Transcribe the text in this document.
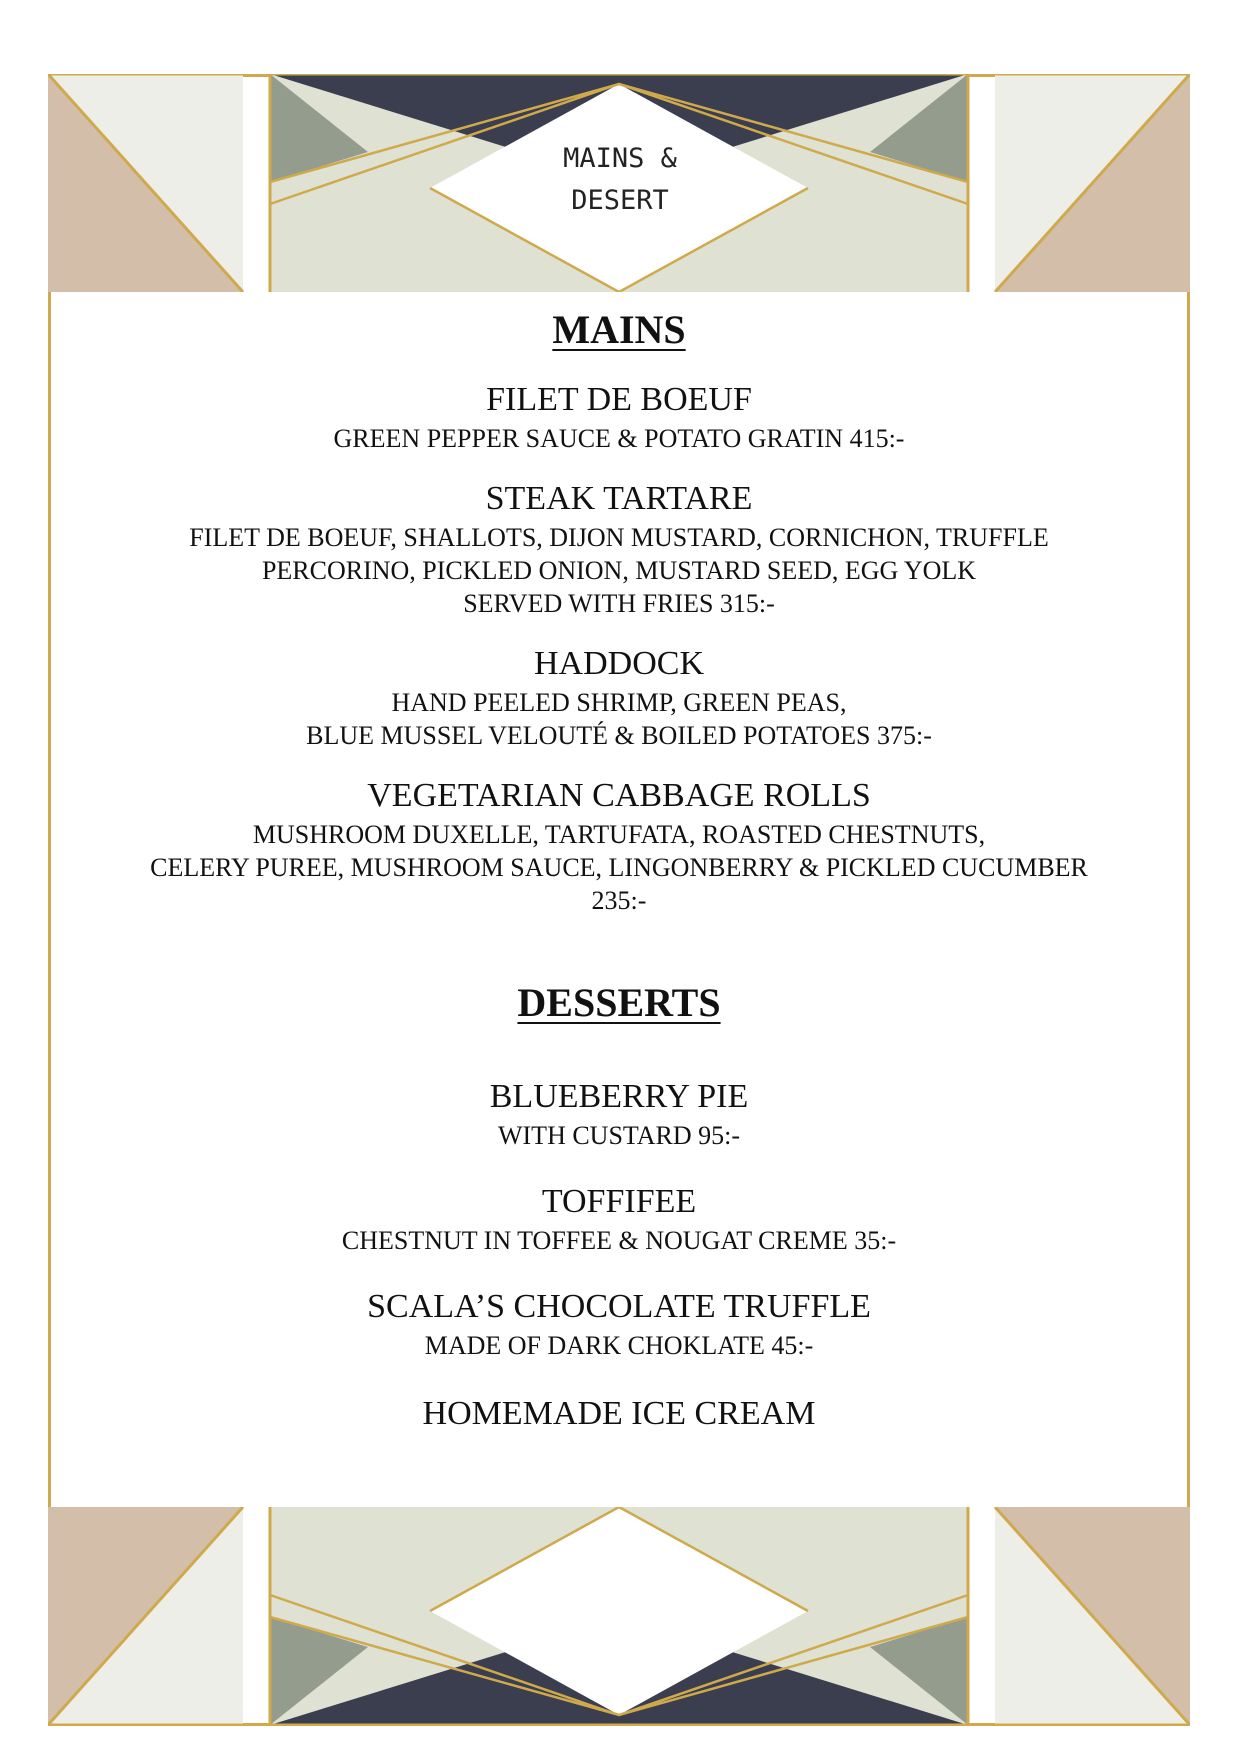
MAINS &
DESERT
MAINS
FILET DE BOEUF
GREEN PEPPER SAUCE & POTATO GRATIN 415:-
STEAK TARTARE
FILET DE BOEUF, SHALLOTS, DIJON MUSTARD, CORNICHON, TRUFFLE
PERCORINO, PICKLED ONION, MUSTARD SEED, EGG YOLK
SERVED WITH FRIES 315:-
HADDOCK
HAND PEELED SHRIMP, GREEN PEAS,
BLUE MUSSEL VELOUTÉ & BOILED POTATOES 375:-
VEGETARIAN CABBAGE ROLLS
MUSHROOM DUXELLE, TARTUFATA, ROASTED CHESTNUTS,
CELERY PUREE, MUSHROOM SAUCE, LINGONBERRY & PICKLED CUCUMBER
235:-
DESSERTS
BLUEBERRY PIE
WITH CUSTARD 95:-
TOFFIFEE
CHESTNUT IN TOFFEE & NOUGAT CREME 35:-
SCALA’S CHOCOLATE TRUFFLE
MADE OF DARK CHOKLATE 45:-
HOMEMADE ICE CREAM
